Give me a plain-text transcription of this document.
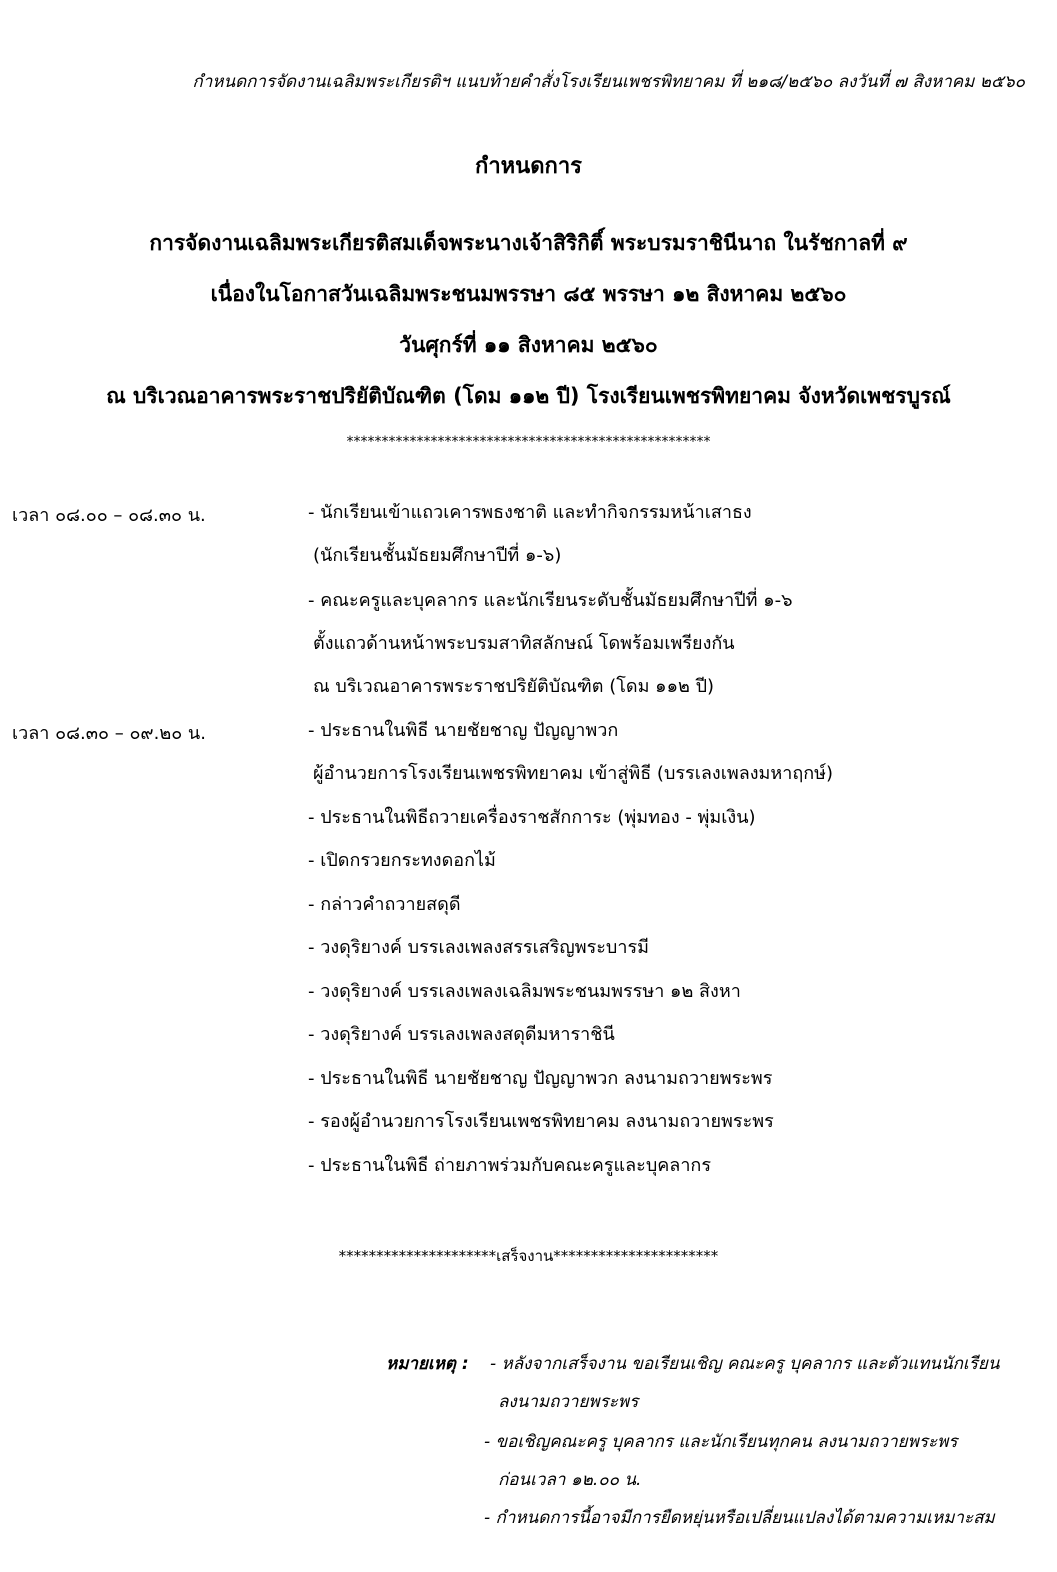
กำหนดการจัดงานเฉลิมพระเกียรติฯ แนบท้ายคำสั่งโรงเรียนเพชรพิทยาคม ที่ ๒๑๘/๒๕๖๐ ลงวันที่ ๗ สิงหาคม ๒๕๖๐
กำหนดการ
การจัดงานเฉลิมพระเกียรติสมเด็จพระนางเจ้าสิริกิติ์ พระบรมราชินีนาถ ในรัชกาลที่ ๙
เนื่องในโอกาสวันเฉลิมพระชนมพรรษา ๘๕ พรรษา ๑๒ สิงหาคม ๒๕๖๐
วันศุกร์ที่ ๑๑ สิงหาคม ๒๕๖๐
ณ บริเวณอาคารพระราชปริยัติบัณฑิต (โดม ๑๑๒ ปี) โรงเรียนเพชรพิทยาคม จังหวัดเพชรบูรณ์
****************************************************
เวลา ๐๘.๐๐ – ๐๘.๓๐ น.	- นักเรียนเข้าแถวเคารพธงชาติ และทำกิจกรรมหน้าเสาธง
(นักเรียนชั้นมัธยมศึกษาปีที่ ๑-๖)
- คณะครูและบุคลากร และนักเรียนระดับชั้นมัธยมศึกษาปีที่ ๑-๖
ตั้งแถวด้านหน้าพระบรมสาทิสลักษณ์ โดพร้อมเพรียงกัน
ณ บริเวณอาคารพระราชปริยัติบัณฑิต (โดม ๑๑๒ ปี)
เวลา ๐๘.๓๐ – ๐๙.๒๐ น.	- ประธานในพิธี นายชัยชาญ ปัญญาพวก
ผู้อำนวยการโรงเรียนเพชรพิทยาคม เข้าสู่พิธี (บรรเลงเพลงมหาฤกษ์)
- ประธานในพิธีถวายเครื่องราชสักการะ (พุ่มทอง - พุ่มเงิน)
- เปิดกรวยกระทงดอกไม้
- กล่าวคำถวายสดุดี
- วงดุริยางค์ บรรเลงเพลงสรรเสริญพระบารมี
- วงดุริยางค์ บรรเลงเพลงเฉลิมพระชนมพรรษา ๑๒ สิงหา
- วงดุริยางค์ บรรเลงเพลงสดุดีมหาราชินี
- ประธานในพิธี นายชัยชาญ ปัญญาพวก ลงนามถวายพระพร
- รองผู้อำนวยการโรงเรียนเพชรพิทยาคม ลงนามถวายพระพร
- ประธานในพิธี ถ่ายภาพร่วมกับคณะครูและบุคลากร
*********************เสร็จงาน**********************
หมายเหตุ : - หลังจากเสร็จงาน ขอเรียนเชิญ คณะครู บุคลากร และตัวแทนนักเรียน
ลงนามถวายพระพร
- ขอเชิญคณะครู บุคลากร และนักเรียนทุกคน ลงนามถวายพระพร
ก่อนเวลา ๑๒.๐๐ น.
- กำหนดการนี้อาจมีการยืดหยุ่นหรือเปลี่ยนแปลงได้ตามความเหมาะสม
